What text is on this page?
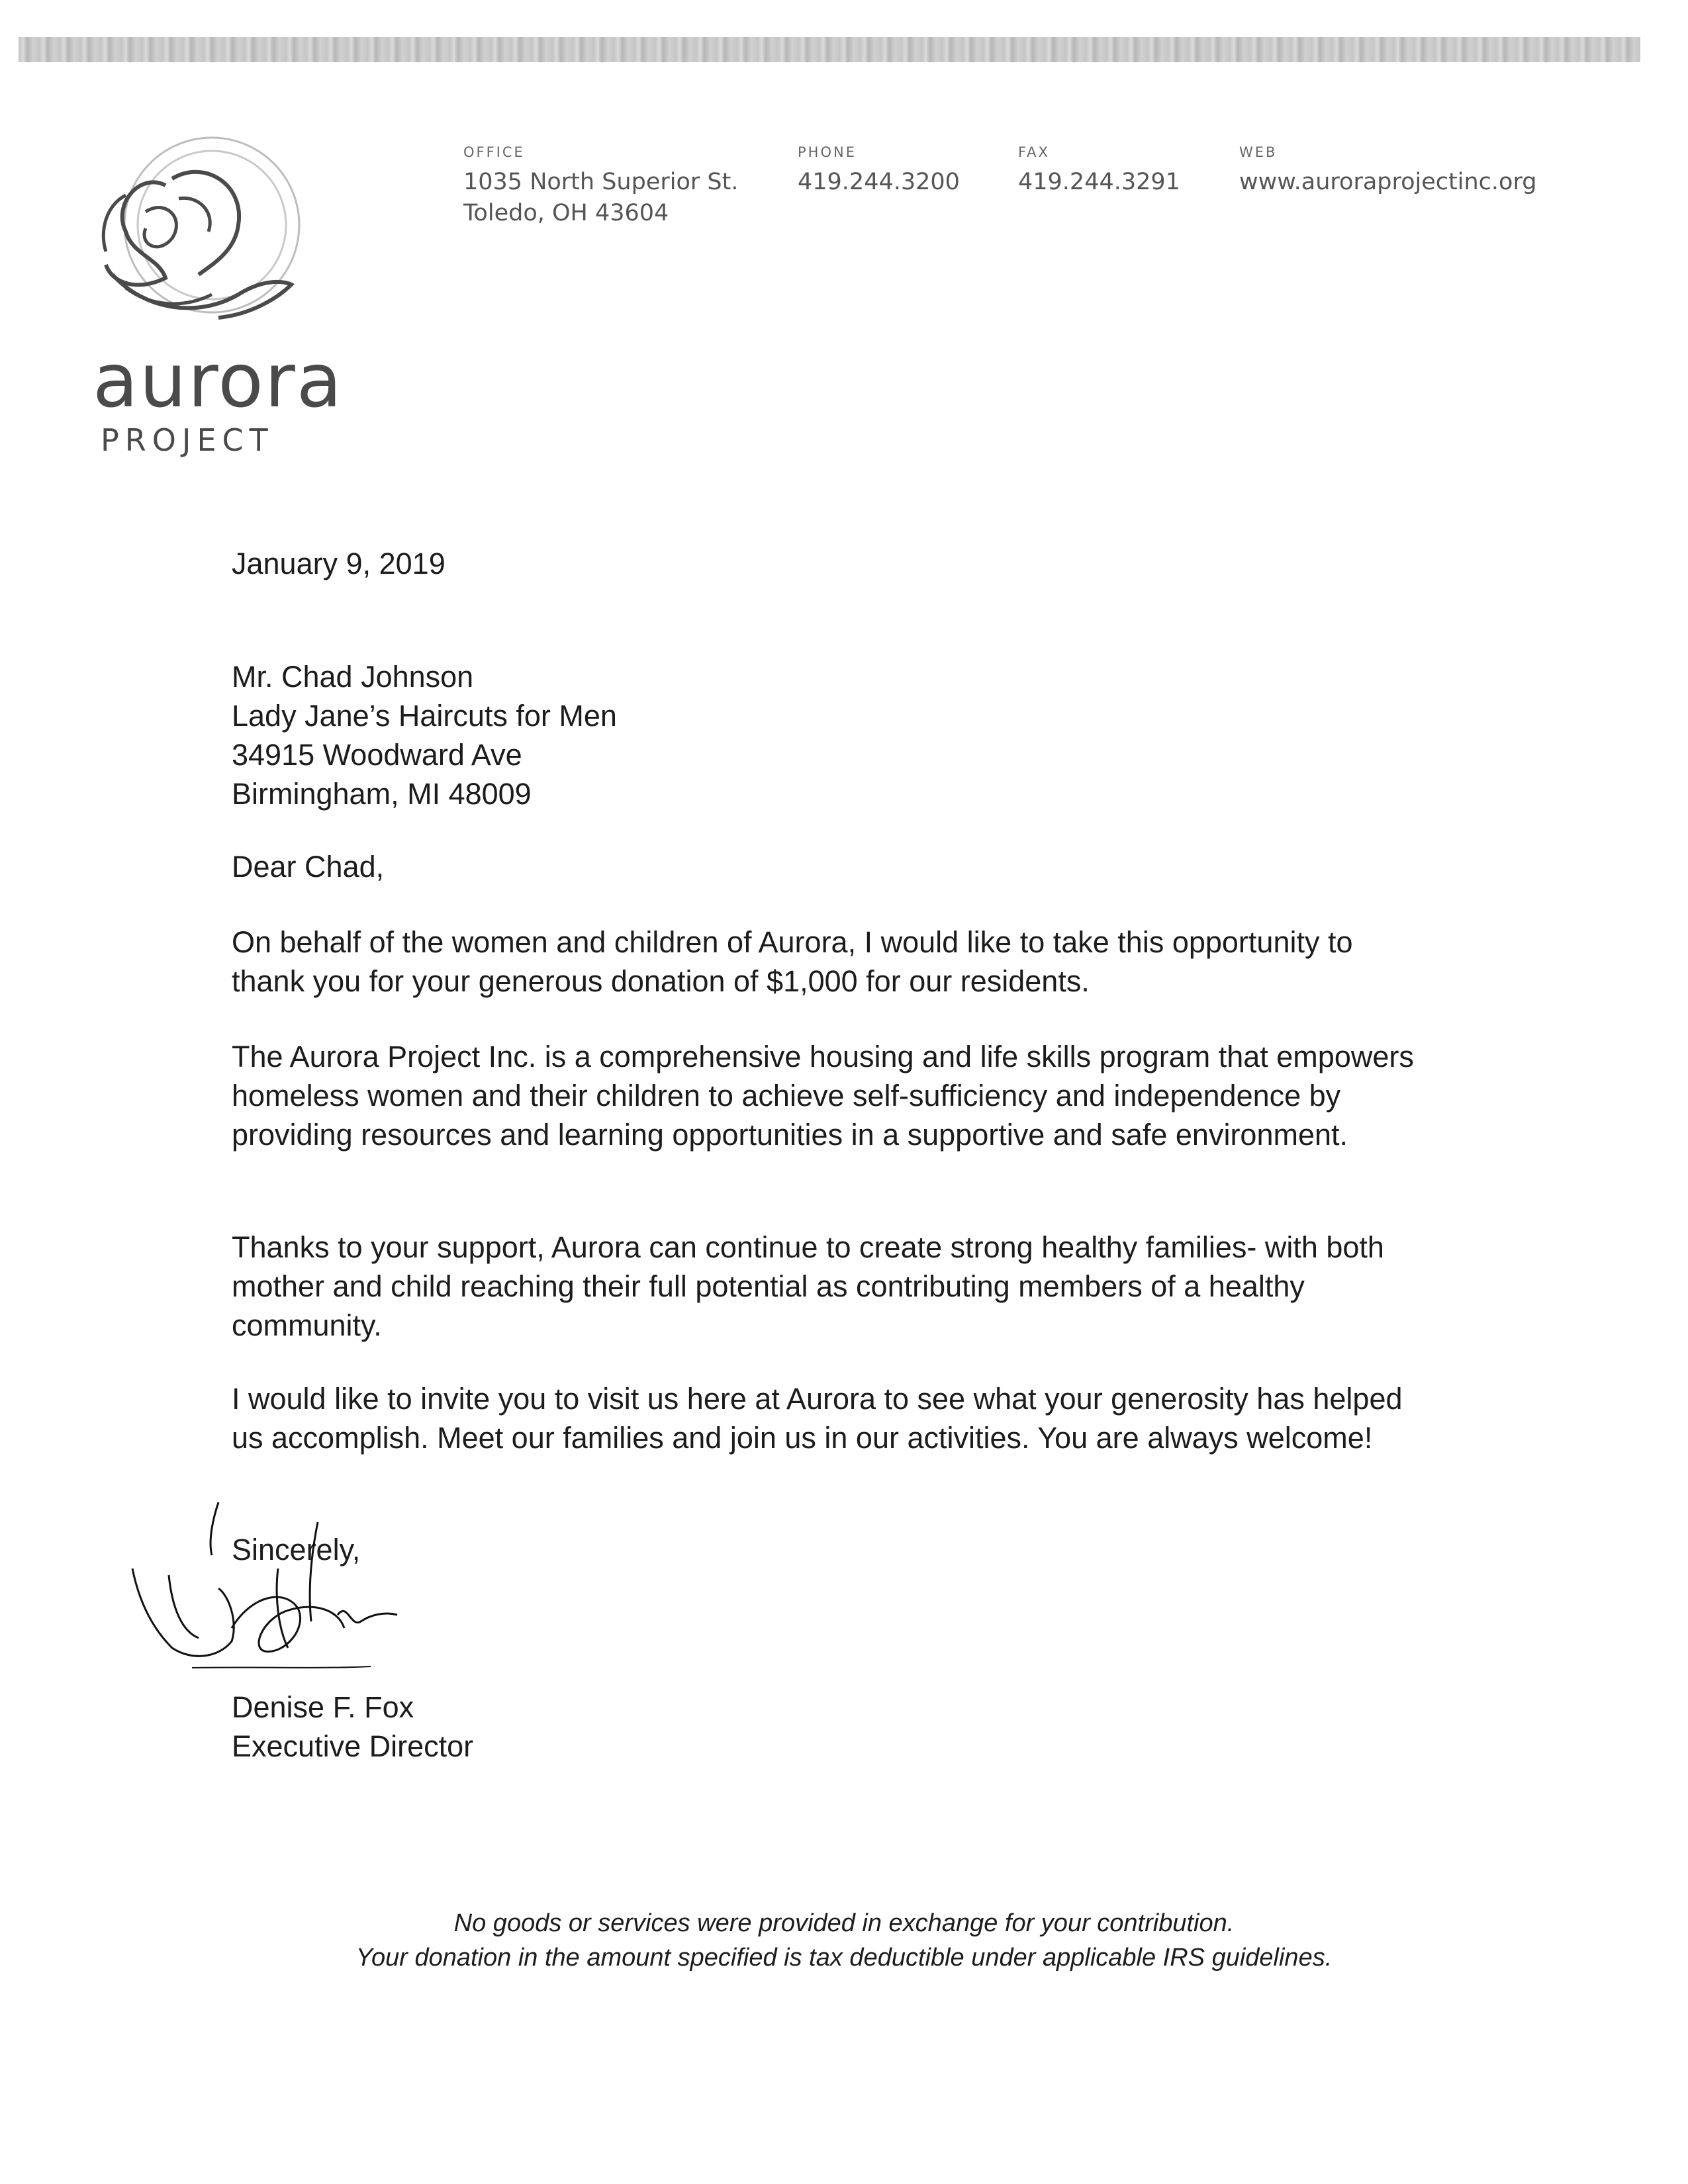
aurora
PROJECT
OFFICE
1035 North Superior St.
Toledo, OH 43604
PHONE
419.244.3200
FAX
419.244.3291
WEB
www.auroraprojectinc.org

January 9, 2019

Mr. Chad Johnson
Lady Jane’s Haircuts for Men
34915 Woodward Ave
Birmingham, MI 48009

Dear Chad,

On behalf of the women and children of Aurora, I would like to take this opportunity to thank you for your generous donation of $1,000 for our residents.

The Aurora Project Inc. is a comprehensive housing and life skills program that empowers homeless women and their children to achieve self-sufficiency and independence by providing resources and learning opportunities in a supportive and safe environment.

Thanks to your support, Aurora can continue to create strong healthy families- with both mother and child reaching their full potential as contributing members of a healthy community.

I would like to invite you to visit us here at Aurora to see what your generosity has helped us accomplish. Meet our families and join us in our activities. You are always welcome!

Sincerely,

Denise F. Fox

Executive Director

No goods or services were provided in exchange for your contribution.

Your donation in the amount specified is tax deductible under applicable IRS guidelines.
